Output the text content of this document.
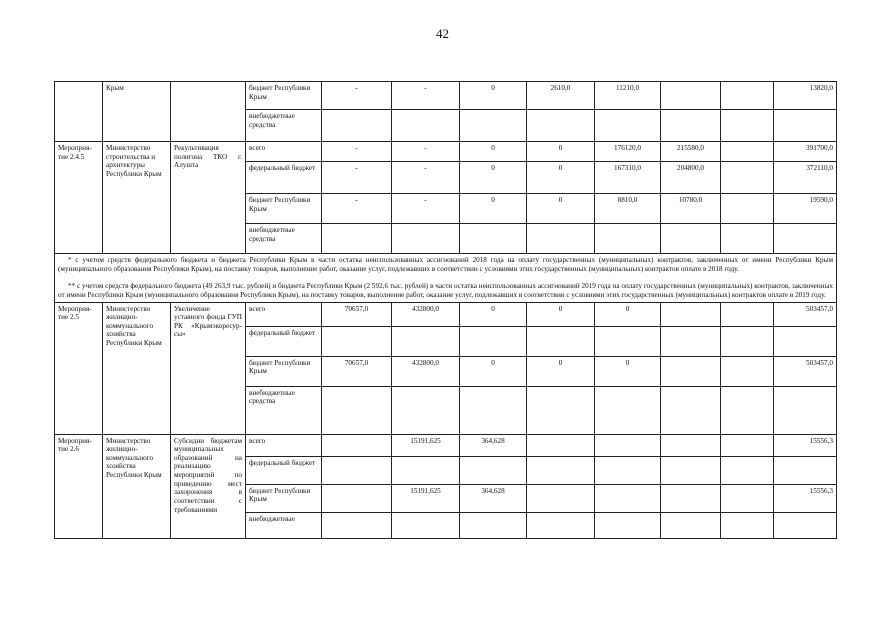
42
	Крым		бюджет Республики Крым	-	-	0	2610,0	11210,0			13820,0
			внебюджетные средства								
Мероприя-тие 2.4.5	Министерство строительства и архитектуры Республики Крым	Рекультивация полигона ТКО г. Алушта	всего	-	-	0	0	176120,0	215580,0		391700,0
			федеральный бюджет	-	-	0	0	167310,0	204800,0		372110,0
			бюджет Республики Крым	-	-	0	0	8810,0	10780,0		19590,0
			внебюджетные средства								

* с учетом средств федерального бюджета и бюджета Республики Крым в части остатка неиспользованных ассигнований 2018 года на оплату государственных (муниципальных) контрактов, заключенных от имени Республики Крым (муниципального образования Республики Крым), на поставку товаров, выполнение работ, оказание услуг, подлежавших в соответствии с условиями этих государственных (муниципальных) контрактов оплате в 2018 году.

** с учетом средств федерального бюджета (49 263,9 тыс. рублей) и бюджета Республики Крым (2 592,6 тыс. рублей) в части остатка неиспользованных ассигнований 2019 года на оплату государственных (муниципальных) контрактов, заключенных от имени Республики Крым (муниципального образования Республики Крым), на поставку товаров, выполнение работ, оказание услуг, подлежавших в соответствии с условиями этих государственных (муниципальных) контрактов оплате в 2019 году.											

Мероприя-тие 2.5	Министерство жилищно-коммунального хозяйства Республики Крым	Увеличение уставного фонда ГУП РК «Крымэкоресур-сы»	всего	70657,0	432800,0	0	0	0			503457,0
			федеральный бюджет								
			бюджет Республики Крым	70657,0	432800,0	0	0	0			503457,0
			внебюджетные средства								
Мероприя-тие 2.6	Министерство жилищно-коммунального хозяйства Республики Крым	Субсидии бюджетам муниципальных образований на реализацию мероприятий по приведению мест захоронения в соответствии с требованиями	всего		15191,625	364,628					15556,3
			федеральный бюджет								
			бюджет Республики Крым		15191,625	364,628					15556,3
			внебюджетные								
